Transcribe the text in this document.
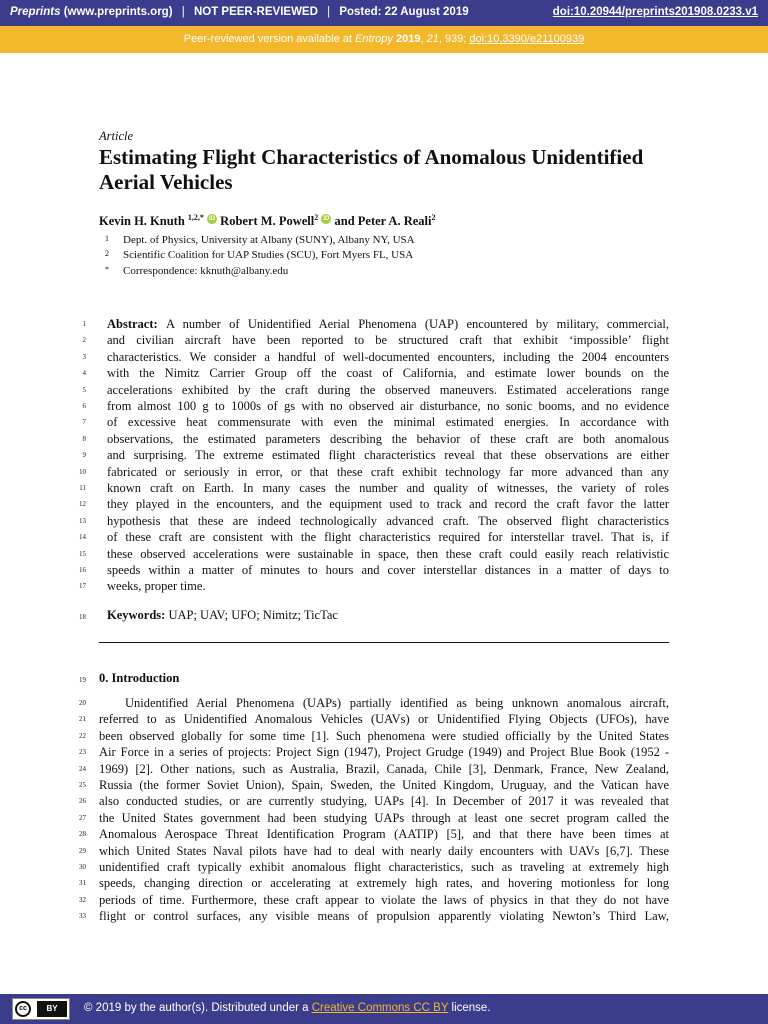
Preprints (www.preprints.org) | NOT PEER-REVIEWED | Posted: 22 August 2019	doi:10.20944/preprints201908.0233.v1
Peer-reviewed version available at Entropy 2019, 21, 939; doi:10.3390/e21100939
Article
Estimating Flight Characteristics of Anomalous Unidentified Aerial Vehicles
Kevin H. Knuth $^{1,2,*}$ iD Robert M. Powell$^2$ iD and Peter A. Reali$^2$
1 Dept. of Physics, University at Albany (SUNY), Albany NY, USA
2 Scientific Coalition for UAP Studies (SCU), Fort Myers FL, USA
* Correspondence: kknuth@albany.edu
1 Abstract: A number of Unidentified Aerial Phenomena (UAP) encountered by military, commercial,
2 and civilian aircraft have been reported to be structured craft that exhibit ‘impossible’ flight
3 characteristics. We consider a handful of well-documented encounters, including the 2004 encounters
4 with the Nimitz Carrier Group off the coast of California, and estimate lower bounds on the
5 accelerations exhibited by the craft during the observed maneuvers. Estimated accelerations range
6 from almost 100 g to 1000s of gs with no observed air disturbance, no sonic booms, and no evidence
7 of excessive heat commensurate with even the minimal estimated energies. In accordance with
8 observations, the estimated parameters describing the behavior of these craft are both anomalous
9 and surprising. The extreme estimated flight characteristics reveal that these observations are either
10 fabricated or seriously in error, or that these craft exhibit technology far more advanced than any
11 known craft on Earth. In many cases the number and quality of witnesses, the variety of roles
12 they played in the encounters, and the equipment used to track and record the craft favor the latter
13 hypothesis that these are indeed technologically advanced craft. The observed flight characteristics
14 of these craft are consistent with the flight characteristics required for interstellar travel. That is, if
15 these observed accelerations were sustainable in space, then these craft could easily reach relativistic
16 speeds within a matter of minutes to hours and cover interstellar distances in a matter of days to
17 weeks, proper time.
18 Keywords: UAP; UAV; UFO; Nimitz; TicTac
19 0. Introduction
20	Unidentified Aerial Phenomena (UAPs) partially identified as being unknown anomalous aircraft,
21 referred to as Unidentified Anomalous Vehicles (UAVs) or Unidentified Flying Objects (UFOs), have
22 been observed globally for some time [1]. Such phenomena were studied officially by the United States
23 Air Force in a series of projects: Project Sign (1947), Project Grudge (1949) and Project Blue Book (1952 -
24 1969) [2]. Other nations, such as Australia, Brazil, Canada, Chile [3], Denmark, France, New Zealand,
25 Russia (the former Soviet Union), Spain, Sweden, the United Kingdom, Uruguay, and the Vatican have
26 also conducted studies, or are currently studying, UAPs [4]. In December of 2017 it was revealed that
27 the United States government had been studying UAPs through at least one secret program called the
28 Anomalous Aerospace Threat Identification Program (AATIP) [5], and that there have been times at
29 which United States Naval pilots have had to deal with nearly daily encounters with UAVs [6,7]. These
30 unidentified craft typically exhibit anomalous flight characteristics, such as traveling at extremely high
31 speeds, changing direction or accelerating at extremely high rates, and hovering motionless for long
32 periods of time. Furthermore, these craft appear to violate the laws of physics in that they do not have
33 flight or control surfaces, any visible means of propulsion apparently violating Newton’s Third Law,
cc	BY	© 2019 by the author(s). Distributed under a Creative Commons CC BY license.
